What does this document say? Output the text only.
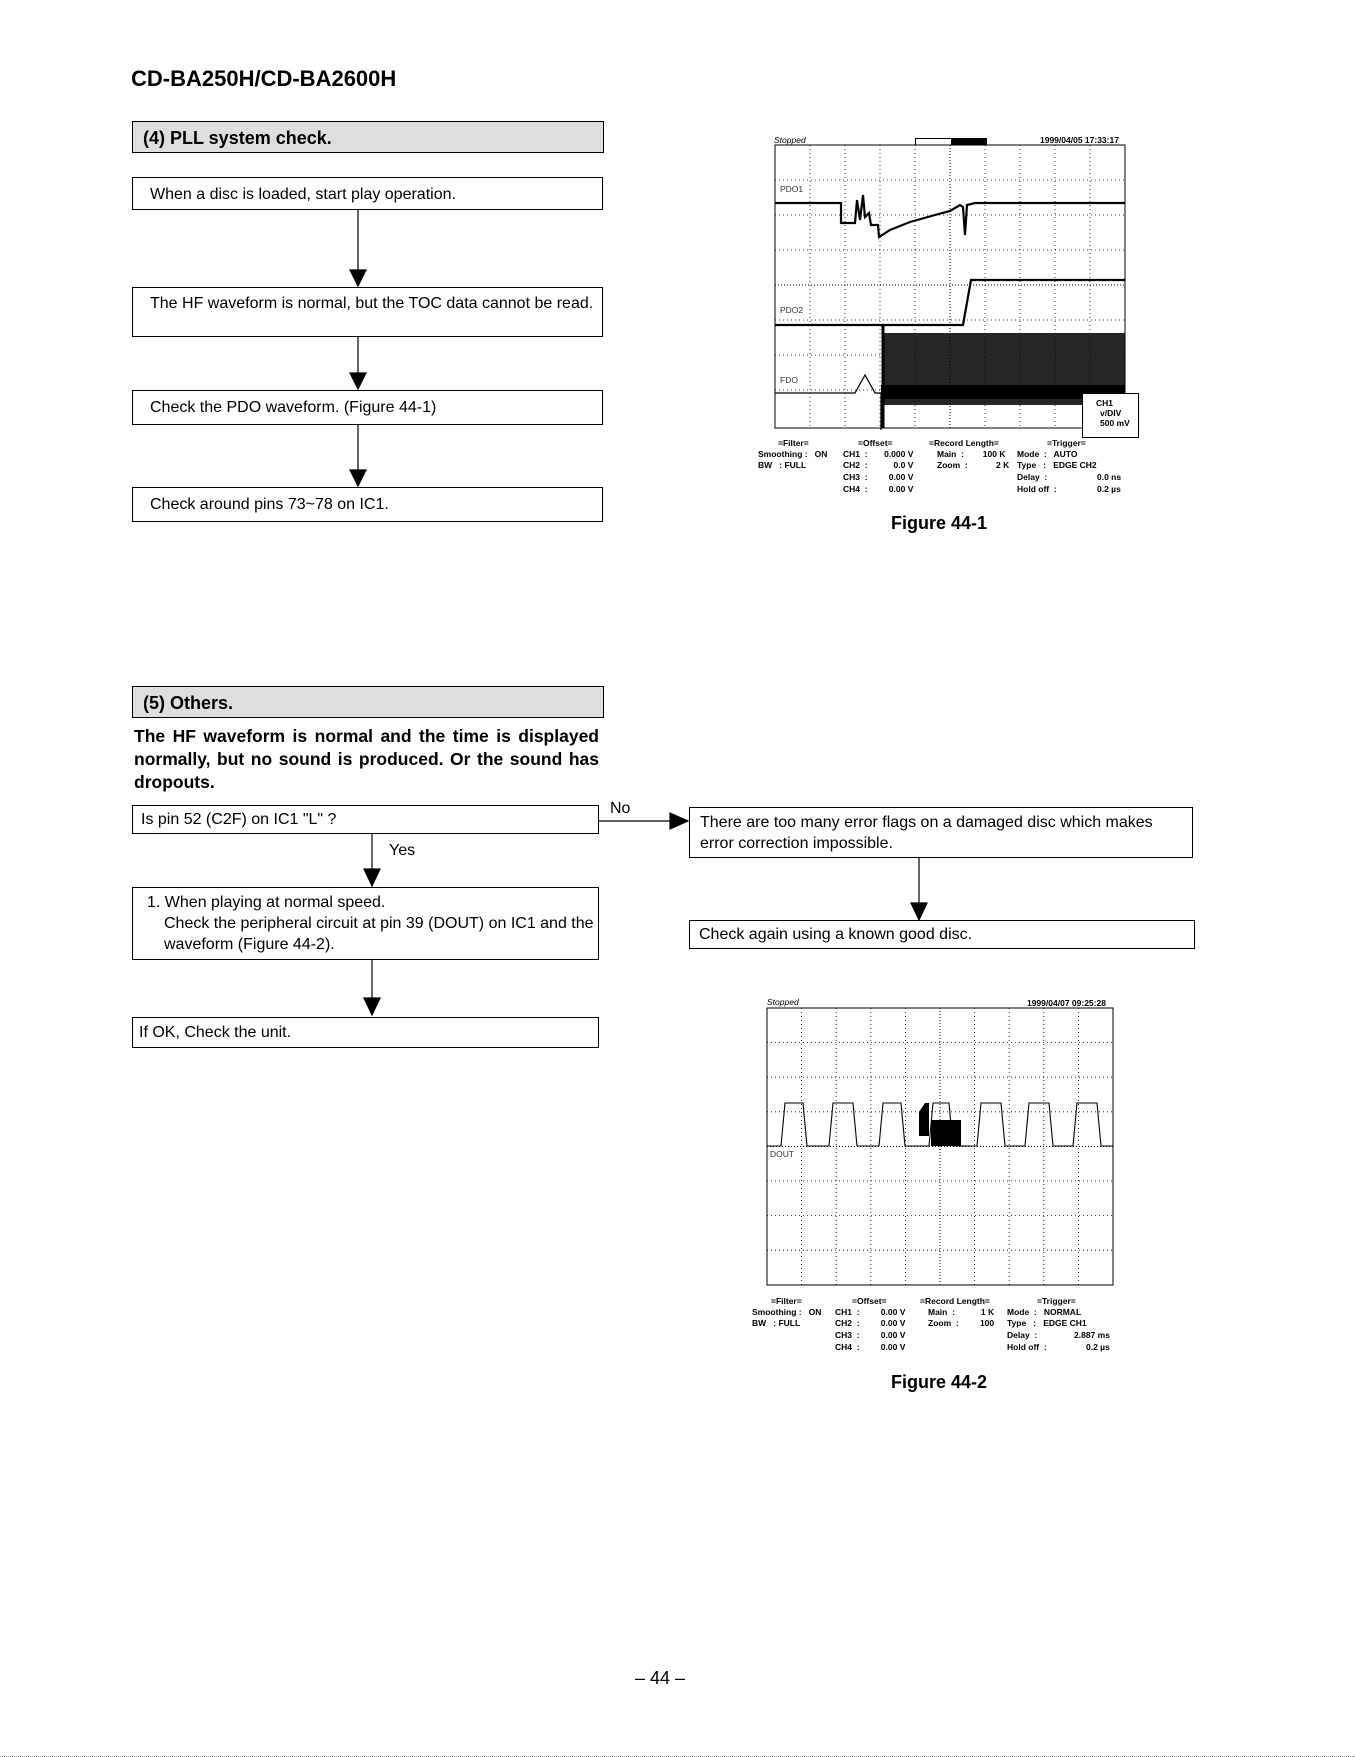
CD-BA250H/CD-BA2600H
(4) PLL system check.
When a disc is loaded, start play operation.
The HF waveform is normal, but the TOC data cannot be read.
Check the PDO waveform. (Figure 44-1)
Check around pins 73~78 on IC1.
(5) Others.
The HF waveform is normal and the time is displayed normally, but no sound is produced. Or the sound has dropouts.
Is pin 52 (C2F) on IC1 "L" ?
No
Yes
There are too many error flags on a damaged disc which makes error correction impossible.
Check again using a known good disc.
1. When playing at normal speed.
Check the peripheral circuit at pin 39 (DOUT) on IC1 and the waveform (Figure 44-2).
If OK, Check the unit.
Stopped	1999/04/05 17:33:17
PDO1
PDO2
FDO
CH1
v/DIV
500 mV
=Filter=
Smoothing :   ON
BW   : FULL
=Offset=
CH1  :       0.000 V
CH2  :           0.0 V
CH3  :         0.00 V
CH4  :         0.00 V
=Record Length=
Main  :        100 K
Zoom  :            2 K
=Trigger=
Mode  :   AUTO
Type   :   EDGE CH2
Delay  :
Hold off  :
0.0 ns
0.2 µs
Figure 44-1
Stopped	1999/04/07 09:25:28
DOUT
=Filter=
Smoothing :   ON
BW   : FULL
=Offset=
CH1  :         0.00 V
CH2  :         0.00 V
CH3  :         0.00 V
CH4  :         0.00 V
=Record Length=
Main  :           1 K
Zoom  :         100
=Trigger=
Mode  :   NORMAL
Type   :   EDGE CH1
Delay  :
Hold off  :
2.887 ms
0.2 µs
Figure 44-2
– 44 –
